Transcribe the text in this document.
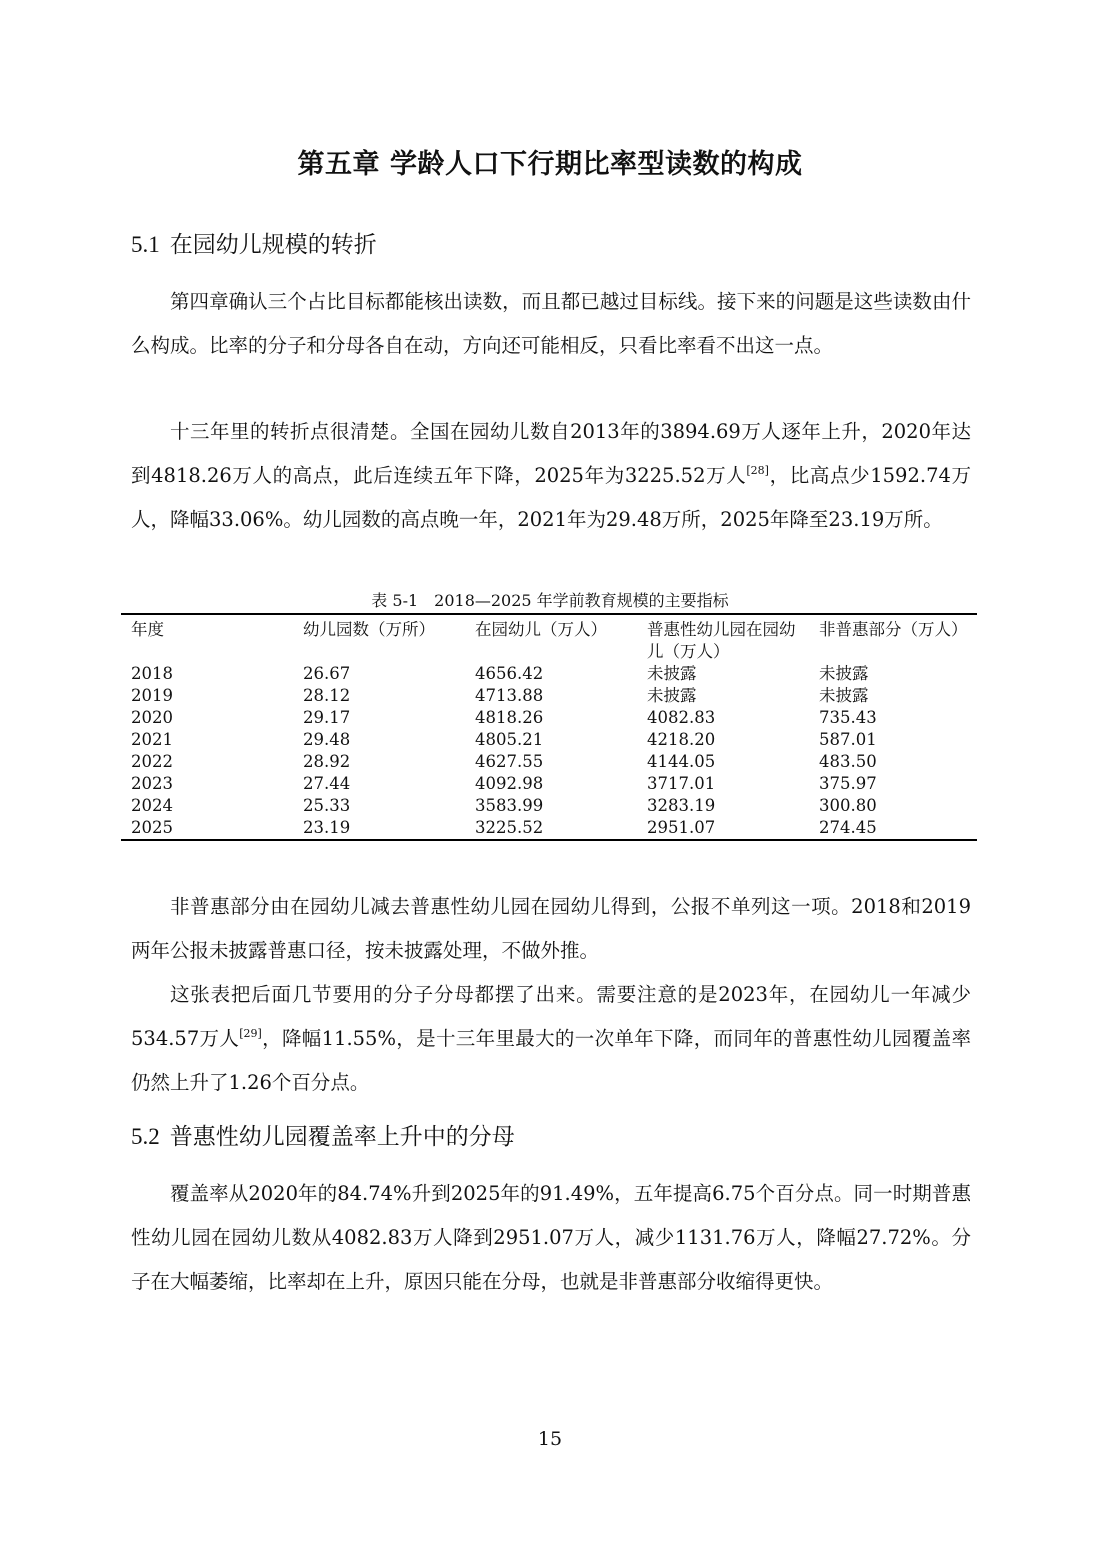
第五章 学龄人口下行期比率型读数的构成
5.1 在园幼儿规模的转折

第四章确认三个占比目标都能核出读数，而且都已越过目标线。接下来的问题是这些读数由什么构成。比率的分子和分母各自在动，方向还可能相反，只看比率看不出这一点。

十三年里的转折点很清楚。全国在园幼儿数自2013年的3894.69万人逐年上升，2020年达到4818.26万人的高点，此后连续五年下降，2025年为3225.52万人[28]，比高点少1592.74万人，降幅33.06%。幼儿园数的高点晚一年，2021年为29.48万所，2025年降至23.19万所。

表 5-1　2018—2025 年学前教育规模的主要指标
年度	幼儿园数（万所）	在园幼儿（万人）	普惠性幼儿园在园幼儿（万人）	非普惠部分（万人）
2018	26.67	4656.42	未披露	未披露
2019	28.12	4713.88	未披露	未披露
2020	29.17	4818.26	4082.83	735.43
2021	29.48	4805.21	4218.20	587.01
2022	28.92	4627.55	4144.05	483.50
2023	27.44	4092.98	3717.01	375.97
2024	25.33	3583.99	3283.19	300.80
2025	23.19	3225.52	2951.07	274.45

非普惠部分由在园幼儿减去普惠性幼儿园在园幼儿得到，公报不单列这一项。2018和2019两年公报未披露普惠口径，按未披露处理，不做外推。

这张表把后面几节要用的分子分母都摆了出来。需要注意的是2023年，在园幼儿一年减少534.57万人[29]，降幅11.55%，是十三年里最大的一次单年下降，而同年的普惠性幼儿园覆盖率仍然上升了1.26个百分点。

5.2 普惠性幼儿园覆盖率上升中的分母

覆盖率从2020年的84.74%升到2025年的91.49%，五年提高6.75个百分点。同一时期普惠性幼儿园在园幼儿数从4082.83万人降到2951.07万人，减少1131.76万人，降幅27.72%。分子在大幅萎缩，比率却在上升，原因只能在分母，也就是非普惠部分收缩得更快。

15
